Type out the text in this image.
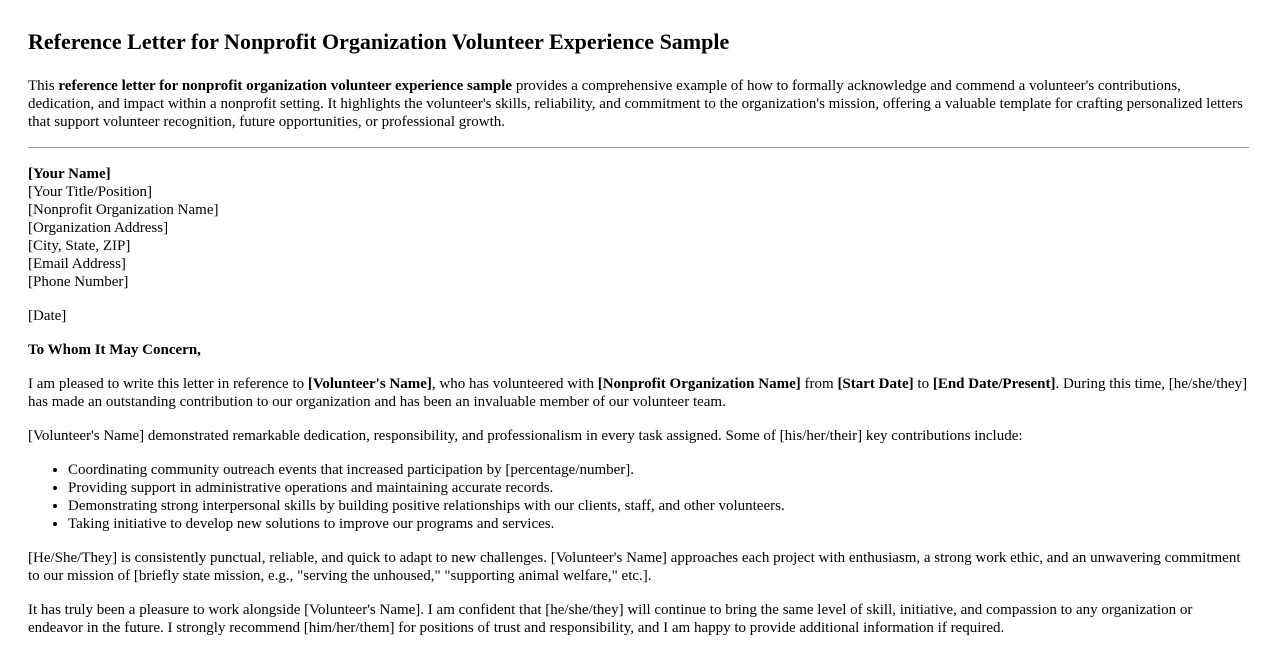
Reference Letter for Nonprofit Organization Volunteer Experience Sample

This reference letter for nonprofit organization volunteer experience sample provides a comprehensive example of how to formally acknowledge and commend a volunteer's contributions, dedication, and impact within a nonprofit setting. It highlights the volunteer's skills, reliability, and commitment to the organization's mission, offering a valuable template for crafting personalized letters that support volunteer recognition, future opportunities, or professional growth.

[Your Name]
[Your Title/Position]
[Nonprofit Organization Name]
[Organization Address]
[City, State, ZIP]
[Email Address]
[Phone Number]

[Date]

To Whom It May Concern,

I am pleased to write this letter in reference to [Volunteer's Name], who has volunteered with [Nonprofit Organization Name] from [Start Date] to [End Date/Present]. During this time, [he/she/they] has made an outstanding contribution to our organization and has been an invaluable member of our volunteer team.

[Volunteer's Name] demonstrated remarkable dedication, responsibility, and professionalism in every task assigned. Some of [his/her/their] key contributions include:

• Coordinating community outreach events that increased participation by [percentage/number].
• Providing support in administrative operations and maintaining accurate records.
• Demonstrating strong interpersonal skills by building positive relationships with our clients, staff, and other volunteers.
• Taking initiative to develop new solutions to improve our programs and services.

[He/She/They] is consistently punctual, reliable, and quick to adapt to new challenges. [Volunteer's Name] approaches each project with enthusiasm, a strong work ethic, and an unwavering commitment to our mission of [briefly state mission, e.g., "serving the unhoused," "supporting animal welfare," etc.].

It has truly been a pleasure to work alongside [Volunteer's Name]. I am confident that [he/she/they] will continue to bring the same level of skill, initiative, and compassion to any organization or endeavor in the future. I strongly recommend [him/her/them] for positions of trust and responsibility, and I am happy to provide additional information if required.
